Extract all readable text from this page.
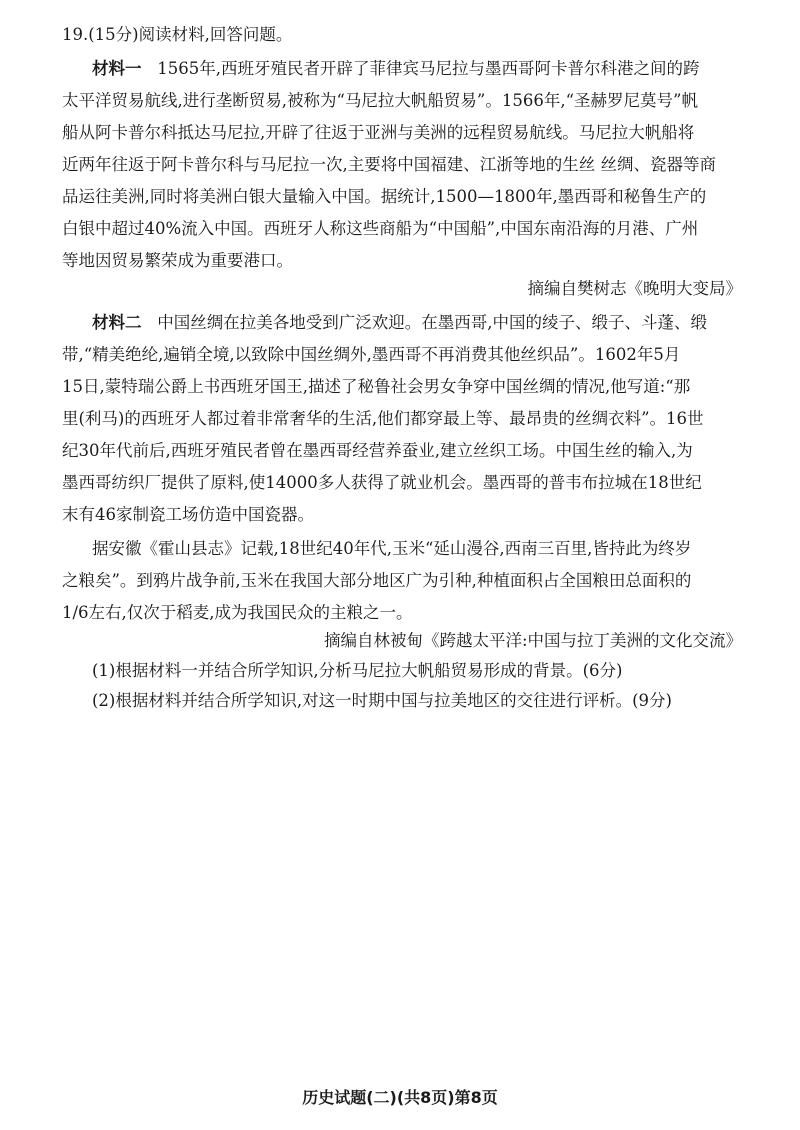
19.(15分)阅读材料,回答问题。
材料一 1565年,西班牙殖民者开辟了菲律宾马尼拉与墨西哥阿卡普尔科港之间的跨
太平洋贸易航线,进行垄断贸易,被称为“马尼拉大帆船贸易”。1566年,“圣赫罗尼莫号”帆
船从阿卡普尔科抵达马尼拉,开辟了往返于亚洲与美洲的远程贸易航线。马尼拉大帆船将
近两年往返于阿卡普尔科与马尼拉一次,主要将中国福建、江浙等地的生丝 丝绸、瓷器等商
品运往美洲,同时将美洲白银大量输入中国。据统计,1500—1800年,墨西哥和秘鲁生产的
白银中超过40%流入中国。西班牙人称这些商船为“中国船”,中国东南沿海的月港、广州
等地因贸易繁荣成为重要港口。
摘编自樊树志《晚明大变局》
材料二 中国丝绸在拉美各地受到广泛欢迎。在墨西哥,中国的绫子、缎子、斗蓬、缎
带,“精美绝纶,遍销全境,以致除中国丝绸外,墨西哥不再消费其他丝织品”。1602年5月
15日,蒙特瑞公爵上书西班牙国王,描述了秘鲁社会男女争穿中国丝绸的情况,他写道:“那
里(利马)的西班牙人都过着非常奢华的生活,他们都穿最上等、最昂贵的丝绸衣料”。16世
纪30年代前后,西班牙殖民者曾在墨西哥经营养蚕业,建立丝织工场。中国生丝的输入,为
墨西哥纺织厂提供了原料,使14000多人获得了就业机会。墨西哥的普韦布拉城在18世纪
末有46家制瓷工场仿造中国瓷器。
据安徽《霍山县志》记载,18世纪40年代,玉米“延山漫谷,西南三百里,皆持此为终岁
之粮矣”。到鸦片战争前,玉米在我国大部分地区广为引种,种植面积占全国粮田总面积的
1/6左右,仅次于稻麦,成为我国民众的主粮之一。
摘编自林被甸《跨越太平洋:中国与拉丁美洲的文化交流》
(1)根据材料一并结合所学知识,分析马尼拉大帆船贸易形成的背景。(6分)
(2)根据材料并结合所学知识,对这一时期中国与拉美地区的交往进行评析。(9分)
历史试题(二)(共8页)第8页
